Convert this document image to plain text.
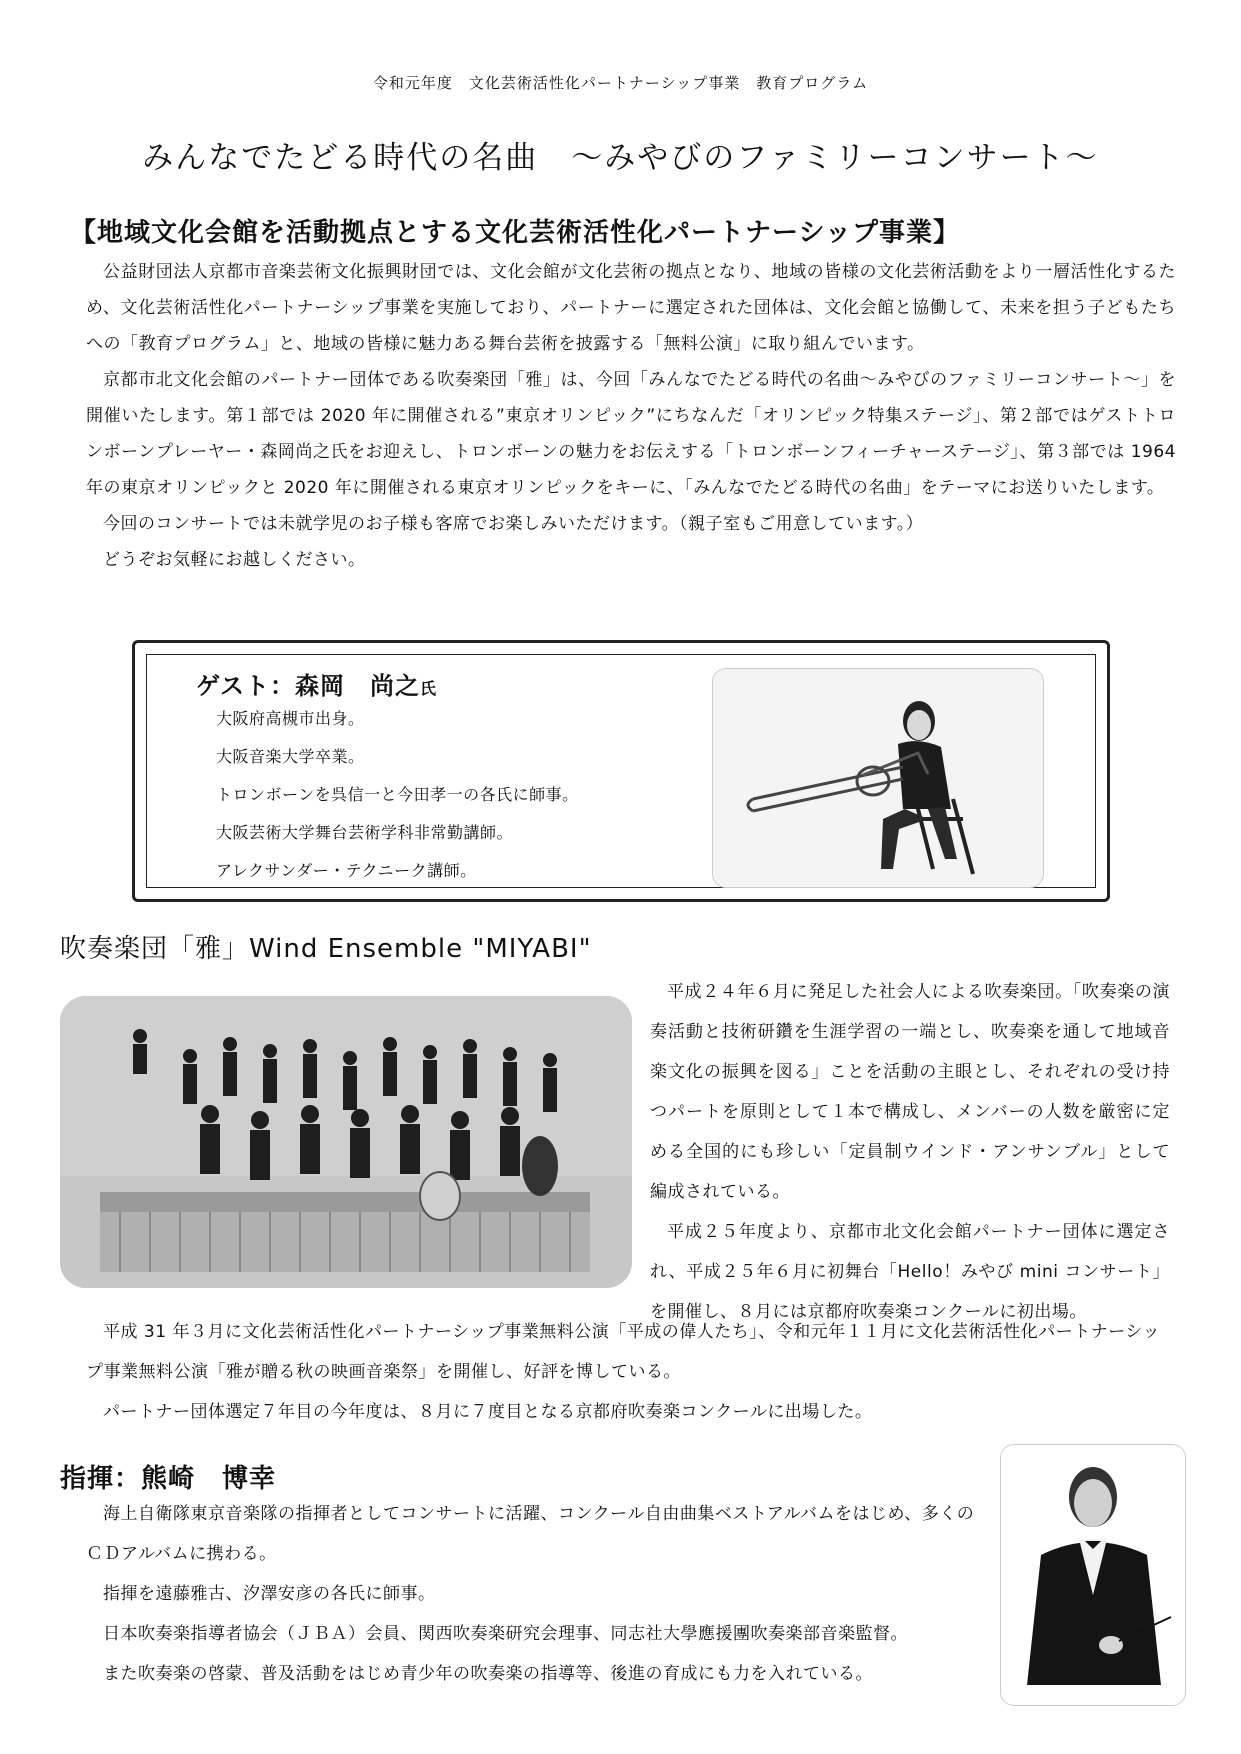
令和元年度　文化芸術活性化パートナーシップ事業　教育プログラム
みんなでたどる時代の名曲　～みやびのファミリーコンサート～
【地域文化会館を活動拠点とする文化芸術活性化パートナーシップ事業】

公益財団法人京都市音楽芸術文化振興財団では、文化会館が文化芸術の拠点となり、地域の皆様の文化芸術活動をより一層活性化するため、文化芸術活性化パートナーシップ事業を実施しており、パートナーに選定された団体は、文化会館と協働して、未来を担う子どもたちへの「教育プログラム」と、地域の皆様に魅力ある舞台芸術を披露する「無料公演」に取り組んでいます。

京都市北文化会館のパートナー団体である吹奏楽団「雅」は、今回「みんなでたどる時代の名曲～みやびのファミリーコンサート～」を開催いたします。第１部では 2020 年に開催される”東京オリンピック”にちなんだ「オリンピック特集ステージ」、第２部ではゲストトロンボーンプレーヤー・森岡尚之氏をお迎えし、トロンボーンの魅力をお伝えする「トロンボーンフィーチャーステージ」、第３部では 1964 年の東京オリンピックと 2020 年に開催される東京オリンピックをキーに、「みんなでたどる時代の名曲」をテーマにお送りいたします。

今回のコンサートでは未就学児のお子様も客席でお楽しみいただけます。（親子室もご用意しています。）

どうぞお気軽にお越しください。

ゲスト：森岡　尚之氏
大阪府高槻市出身。
大阪音楽大学卒業。
トロンボーンを呉信一と今田孝一の各氏に師事。
大阪芸術大学舞台芸術学科非常勤講師。
アレクサンダー・テクニーク講師。
吹奏楽団「雅」Wind Ensemble "MIYABI"

平成２４年６月に発足した社会人による吹奏楽団。「吹奏楽の演奏活動と技術研鑽を生涯学習の一端とし、吹奏楽を通して地域音楽文化の振興を図る」ことを活動の主眼とし、それぞれの受け持つパートを原則として１本で構成し、メンバーの人数を厳密に定める全国的にも珍しい「定員制ウインド・アンサンブル」として編成されている。

平成２５年度より、京都市北文化会館パートナー団体に選定され、平成２５年６月に初舞台「Hello！みやび mini コンサート」を開催し、８月には京都府吹奏楽コンクールに初出場。

平成 31 年３月に文化芸術活性化パートナーシップ事業無料公演「平成の偉人たち」、令和元年１１月に文化芸術活性化パートナーシップ事業無料公演「雅が贈る秋の映画音楽祭」を開催し、好評を博している。

パートナー団体選定７年目の今年度は、８月に７度目となる京都府吹奏楽コンクールに出場した。

指揮：熊崎　博幸

海上自衛隊東京音楽隊の指揮者としてコンサートに活躍、コンクール自由曲集ベストアルバムをはじめ、多くのＣＤアルバムに携わる。

指揮を遠藤雅古、汐澤安彦の各氏に師事。

日本吹奏楽指導者協会（ＪＢＡ）会員、関西吹奏楽研究会理事、同志社大學應援團吹奏楽部音楽監督。

また吹奏楽の啓蒙、普及活動をはじめ青少年の吹奏楽の指導等、後進の育成にも力を入れている。
